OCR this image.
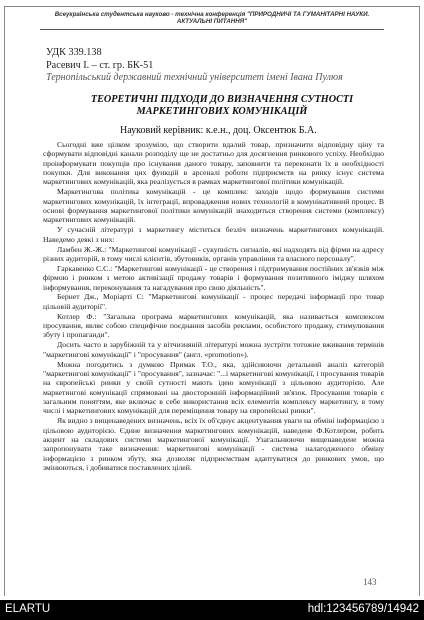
Всеукраїнська студентська науково - технічна конференція "ПРИРОДНИЧІ ТА ГУМАНІТАРНІ НАУКИ.
АКТУАЛЬНІ ПИТАННЯ"
УДК 339.138
Расевич І. – ст. гр. БК-51
Тернопільський державний технічний університет імені Івана Пулюя
ТЕОРЕТИЧНІ ПІДХОДИ ДО ВИЗНАЧЕННЯ СУТНОСТІ
МАРКЕТИНГОВИХ КОМУНІКАЦІЙ
Науковий керівник: к.е.н., доц. Оксентюк Б.А.

Сьогодні вже цілком зрозуміло, що створити вдалий товар, призначити відповідну ціну та сформувати відповідні канали розподілу ще не достатньо для досягнення ринкового успіху. Необхідно проінформувати покупців про існування даного товару, заповнити та переконати їх в необхідності покупки. Для виконання цих функцій в арсеналі роботи підприємств на ринку існує система маркетингових комунікацій, яка реалізується в рамках маркетингової політики комунікацій.

Маркетингова політика комунікацій - це комплекс заходів щодо формування системи маркетингових комунікацій, їх інтеграції, впровадження нових технологій в комунікативний процес. В основі формування маркетингової політики комунікацій знаходиться створення системи (комплексу) маркетингових комунікацій.

У сучасній літературі з маркетингу міститься безліч визначень маркетингових комунікацій. Наведемо деякі з них:

Ламбен Ж.-Ж.: "Маркетингові комунікації - сукупність сигналів, які надходять від фірми на адресу різних аудиторій, в тому числі клієнтів, збутовиків, органів управління та власного персоналу".

Гаркавенко С.С.: "Маркетингові комунікації - це створення і підтримування постійних зв'язків між фірмою і ринком з метою активізації продажу товарів і формування позитивного іміджу шляхом інформування, переконування та нагадування про свою діяльність".

Бернет Дж., Моріарті С: "Маркетингові комунікації - процес передачі інформації про товар цільовій аудиторії".

Котлер Ф.: "Загальна програма маркетингових комунікацій, яка називається комплексом просування, являє собою специфічне поєднання засобів реклами, особистого продажу, стимулювання збуту і пропаганди".

Досить часто в зарубіжній та у вітчизняній літературі можна зустріти тотожне вживання термінів "маркетингові комунікації" і "просування" (англ. «promotion»).

Можна погодитись з думкою Примак Т.О., яка, здійснюючи детальний аналіз категорій "маркетингові комунікації" і "просування", зазначає: "...і маркетингові комунікації, і просування товарів на європейські ринки у своїй сутності мають ідею комунікації з цільовою аудиторією. Але маркетингові комунікації спрямовані на двосторонній інформаційний зв'язок. Просування товарів є загальним поняттям, яке включає в себе використання всіх елементів комплексу маркетингу, в тому числі і маркетингових комунікацій для переміщення товару на європейські ринки".

Як видно з вищенаведених визначень, всіх їх об'єднує акцентування уваги на обміні інформацією з цільовою аудиторією. Єдине визначення маркетингових комунікацій, наведене Ф.Котлером, робить акцент на складових системи маркетингової комунікації. Узагальнюючи вищенаведене можна запропонувати таке визначення: маркетингові комунікації - система налагодженого обміну інформацією з ринком збуту, яка дозволяє підприємствам адаптуватися до ринкових умов, що змінюються, і добиватися поставлених цілей.

143
ELARTU	hdl:123456789/14942
